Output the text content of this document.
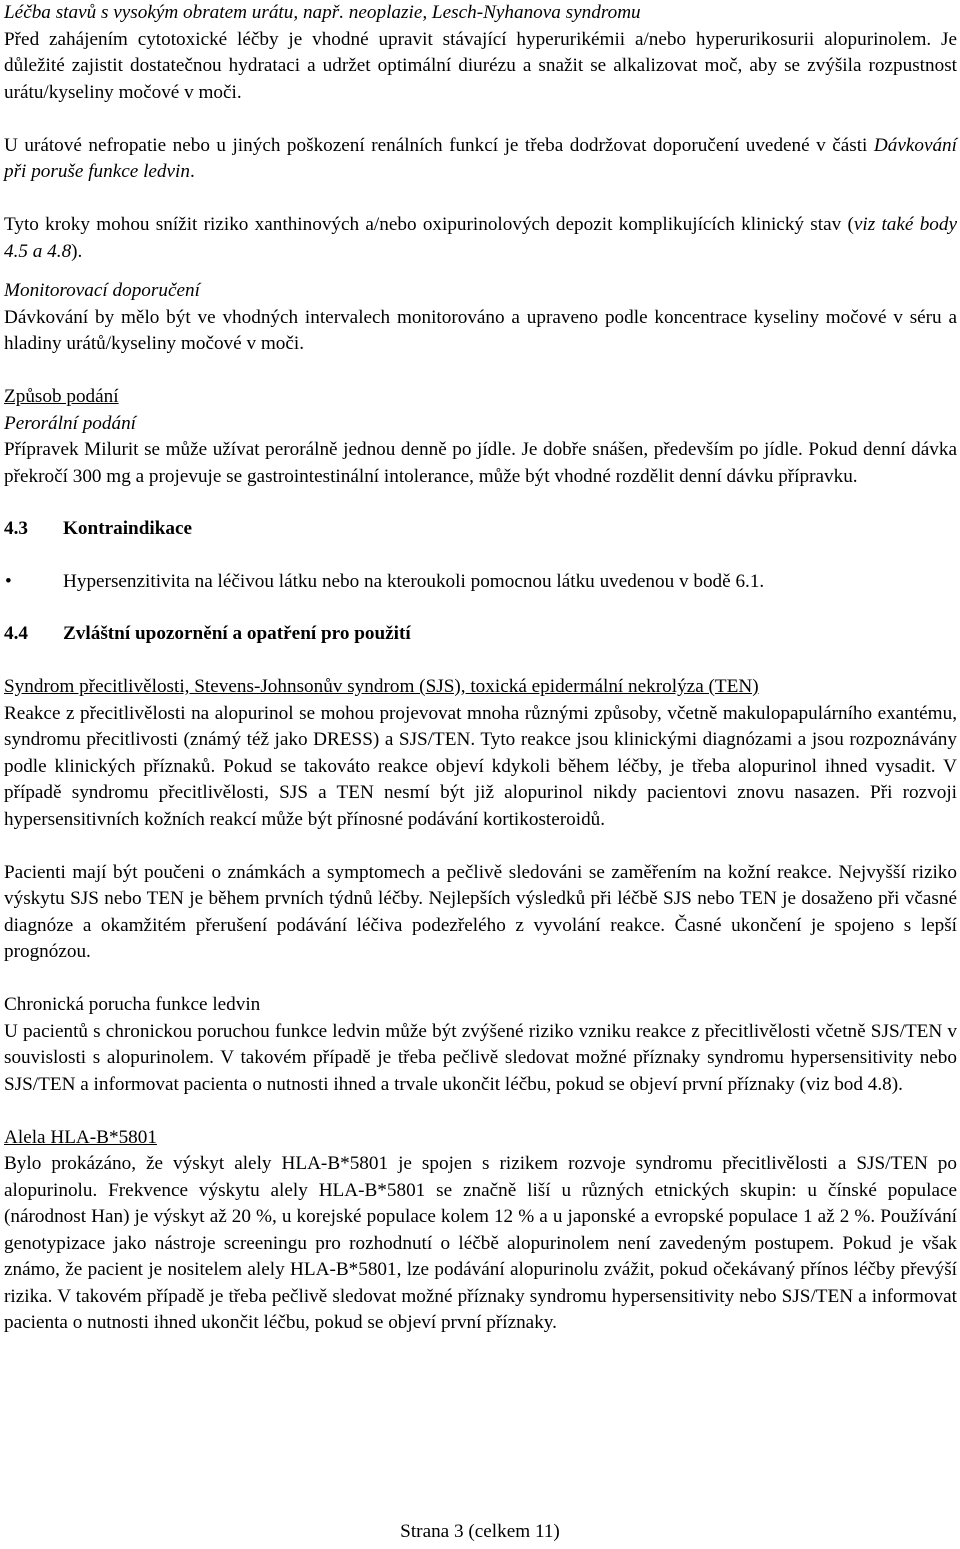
Léčba stavů s vysokým obratem urátu, např. neoplazie, Lesch-Nyhanova syndromu

Před zahájením cytotoxické léčby je vhodné upravit stávající hyperurikémii a/nebo hyperurikosurii alopurinolem. Je důležité zajistit dostatečnou hydrataci a udržet optimální diurézu a snažit se alkalizovat moč, aby se zvýšila rozpustnost urátu/kyseliny močové v moči.

U urátové nefropatie nebo u jiných poškození renálních funkcí je třeba dodržovat doporučení uvedené v části Dávkování při poruše funkce ledvin.

Tyto kroky mohou snížit riziko xanthinových a/nebo oxipurinolových depozit komplikujících klinický stav (viz také body 4.5 a 4.8).

Monitorovací doporučení

Dávkování by mělo být ve vhodných intervalech monitorováno a upraveno podle koncentrace kyseliny močové v séru a hladiny urátů/kyseliny močové v moči.

Způsob podání

Perorální podání

Přípravek Milurit se může užívat perorálně jednou denně po jídle. Je dobře snášen, především po jídle. Pokud denní dávka překročí 300 mg a projevuje se gastrointestinální intolerance, může být vhodné rozdělit denní dávku přípravku.

4.3 Kontraindikace

•	Hypersenzitivita na léčivou látku nebo na kteroukoli pomocnou látku uvedenou v bodě 6.1.

4.4 Zvláštní upozornění a opatření pro použití

Syndrom přecitlivělosti, Stevens-Johnsonův syndrom (SJS), toxická epidermální nekrolýza (TEN)

Reakce z přecitlivělosti na alopurinol se mohou projevovat mnoha různými způsoby, včetně makulopapulárního exantému, syndromu přecitlivosti (známý též jako DRESS) a SJS/TEN. Tyto reakce jsou klinickými diagnózami a jsou rozpoznávány podle klinických příznaků. Pokud se takováto reakce objeví kdykoli během léčby, je třeba alopurinol ihned vysadit. V případě syndromu přecitlivělosti, SJS a TEN nesmí být již alopurinol nikdy pacientovi znovu nasazen. Při rozvoji hypersensitivních kožních reakcí může být přínosné podávání kortikosteroidů.

Pacienti mají být poučeni o známkách a symptomech a pečlivě sledováni se zaměřením na kožní reakce. Nejvyšší riziko výskytu SJS nebo TEN je během prvních týdnů léčby. Nejlepších výsledků při léčbě SJS nebo TEN je dosaženo při včasné diagnóze a okamžitém přerušení podávání léčiva podezřelého z vyvolání reakce. Časné ukončení je spojeno s lepší prognózou.

Chronická porucha funkce ledvin

U pacientů s chronickou poruchou funkce ledvin může být zvýšené riziko vzniku reakce z přecitlivělosti včetně SJS/TEN v souvislosti s alopurinolem. V takovém případě je třeba pečlivě sledovat možné příznaky syndromu hypersensitivity nebo SJS/TEN a informovat pacienta o nutnosti ihned a trvale ukončit léčbu, pokud se objeví první příznaky (viz bod 4.8).

Alela HLA-B*5801

Bylo prokázáno, že výskyt alely HLA-B*5801 je spojen s rizikem rozvoje syndromu přecitlivělosti a SJS/TEN po alopurinolu. Frekvence výskytu alely HLA-B*5801 se značně liší u různých etnických skupin: u čínské populace (národnost Han) je výskyt až 20 %, u korejské populace kolem 12 % a u japonské a evropské populace 1 až 2 %. Používání genotypizace jako nástroje screeningu pro rozhodnutí o léčbě alopurinolem není zavedeným postupem. Pokud je však známo, že pacient je nositelem alely HLA-B*5801, lze podávání alopurinolu zvážit, pokud očekávaný přínos léčby převýší rizika. V takovém případě je třeba pečlivě sledovat možné příznaky syndromu hypersensitivity nebo SJS/TEN a informovat pacienta o nutnosti ihned ukončit léčbu, pokud se objeví první příznaky.

Strana 3 (celkem 11)
